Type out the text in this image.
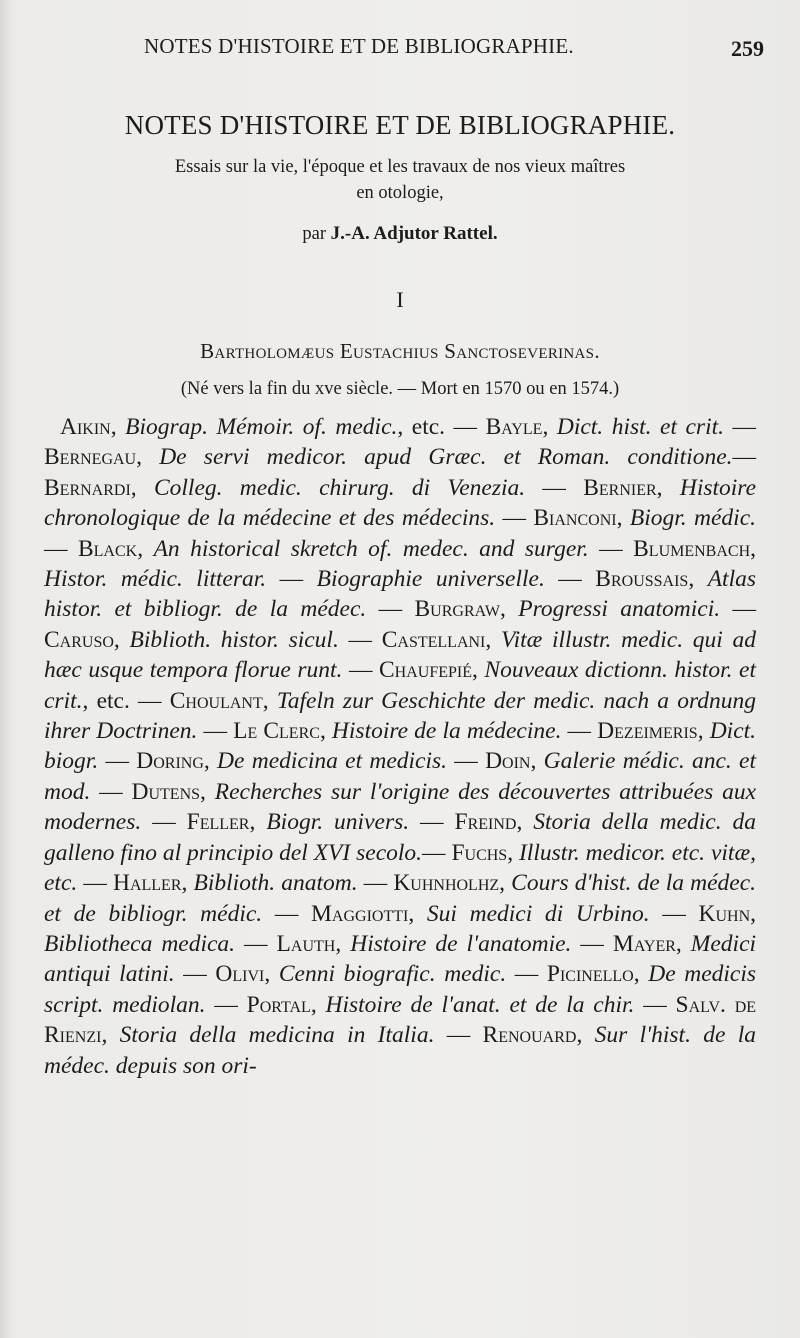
NOTES D'HISTOIRE ET DE BIBLIOGRAPHIE.	259
NOTES D'HISTOIRE ET DE BIBLIOGRAPHIE.
Essais sur la vie, l'époque et les travaux de nos vieux maîtres
en otologie,
par J.-A. Adjutor Rattel.
I
Bartholomæus Eustachius Sanctoseverinas.
(Né vers la fin du xve siècle. — Mort en 1570 ou en 1574.)

Aikin, Biograp. Mémoir. of. medic., etc. — Bayle, Dict. hist. et crit. —Bernegau, De servi medicor. apud Græc. et Roman. conditione.—Bernardi, Colleg. medic. chirurg. di Venezia. — Bernier, Histoire chronologique de la médecine et des médecins. — Bianconi, Biogr. médic. — Black, An historical skretch of. medec. and surger. — Blumenbach, Histor. médic. litterar. — Biographie universelle. — Broussais, Atlas histor. et bibliogr. de la médec. — Burgraw, Progressi anatomici. — Caruso, Biblioth. histor. sicul. — Castellani, Vitæ illustr. medic. qui ad hæc usque tempora florue runt. — Chaufepié, Nouveaux dictionn. histor. et crit., etc. — Choulant, Tafeln zur Geschichte der medic. nach a ordnung ihrer Doctrinen. — Le Clerc, Histoire de la médecine. — Dezeimeris, Dict. biogr. — Doring, De medicina et medicis. — Doin, Galerie médic. anc. et mod. — Dutens, Recherches sur l'origine des découvertes attribuées aux modernes. — Feller, Biogr. univers. — Freind, Storia della medic. da galleno fino al principio del XVI secolo.— Fuchs, Illustr. medicor. etc. vitæ, etc. — Haller, Biblioth. anatom. — Kuhnholhz, Cours d'hist. de la médec. et de bibliogr. médic. — Maggiotti, Sui medici di Urbino. — Kuhn, Bibliotheca medica. — Lauth, Histoire de l'anatomie. — Mayer, Medici antiqui latini. — Olivi, Cenni biografic. medic. — Picinello, De medicis script. mediolan. — Portal, Histoire de l'anat. et de la chir. — Salv. de Rienzi, Storia della medicina in Italia. — Renouard, Sur l'hist. de la médec. depuis son ori-
